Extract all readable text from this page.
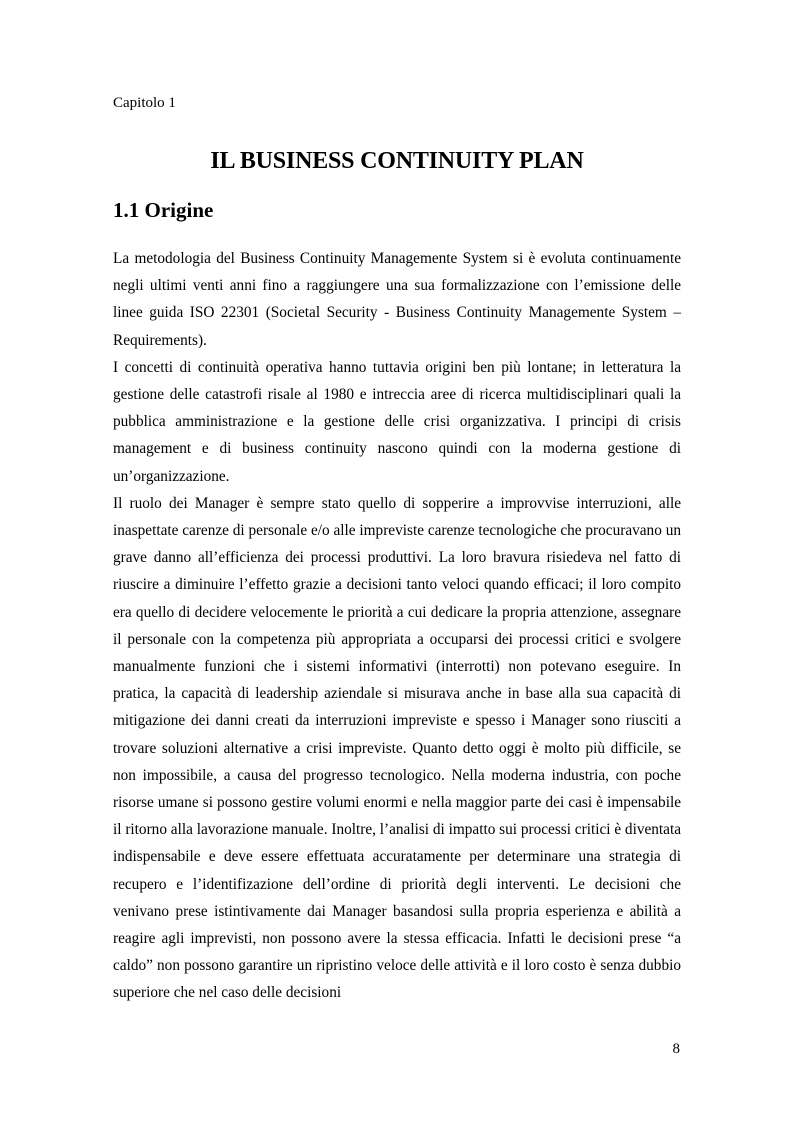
Capitolo 1
IL BUSINESS CONTINUITY PLAN
1.1 Origine

La metodologia del Business Continuity Managemente System si è evoluta continuamente negli ultimi venti anni fino a raggiungere una sua formalizzazione con l’emissione delle linee guida ISO 22301 (Societal Security - Business Continuity Managemente System – Requirements).

I concetti di continuità operativa hanno tuttavia origini ben più lontane; in letteratura la gestione delle catastrofi risale al 1980 e intreccia aree di ricerca multidisciplinari quali la pubblica amministrazione e la gestione delle crisi organizzativa. I principi di crisis management e di business continuity nascono quindi con la moderna gestione di un’organizzazione.

Il ruolo dei Manager è sempre stato quello di sopperire a improvvise interruzioni, alle inaspettate carenze di personale e/o alle impreviste carenze tecnologiche che procuravano un grave danno all’efficienza dei processi produttivi. La loro bravura risiedeva nel fatto di riuscire a diminuire l’effetto grazie a decisioni tanto veloci quando efficaci; il loro compito era quello di decidere velocemente le priorità a cui dedicare la propria attenzione, assegnare il personale con la competenza più appropriata a occuparsi dei processi critici e svolgere manualmente funzioni che i sistemi informativi (interrotti) non potevano eseguire. In pratica, la capacità di leadership aziendale si misurava anche in base alla sua capacità di mitigazione dei danni creati da interruzioni impreviste e spesso i Manager sono riusciti a trovare soluzioni alternative a crisi impreviste. Quanto detto oggi è molto più difficile, se non impossibile, a causa del progresso tecnologico. Nella moderna industria, con poche risorse umane si possono gestire volumi enormi e nella maggior parte dei casi è impensabile il ritorno alla lavorazione manuale. Inoltre, l’analisi di impatto sui processi critici è diventata indispensabile e deve essere effettuata accuratamente per determinare una strategia di recupero e l’identifizazione dell’ordine di priorità degli interventi. Le decisioni che venivano prese istintivamente dai Manager basandosi sulla propria esperienza e abilità a reagire agli imprevisti, non possono avere la stessa efficacia. Infatti le decisioni prese “a caldo” non possono garantire un ripristino veloce delle attività e il loro costo è senza dubbio superiore che nel caso delle decisioni

8
